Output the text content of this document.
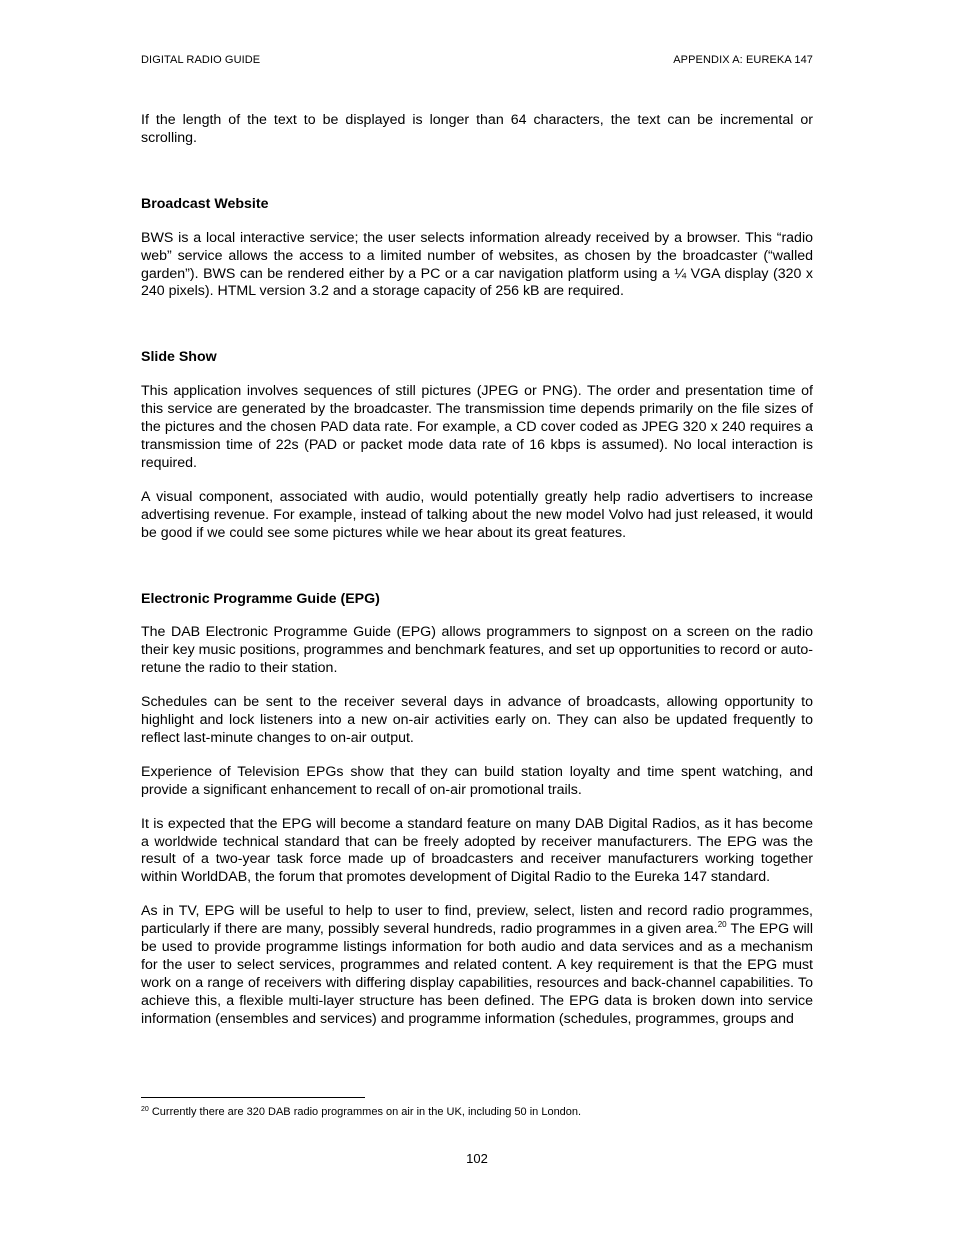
DIGITAL RADIO GUIDE	APPENDIX A: EUREKA 147

If the length of the text to be displayed is longer than 64 characters, the text can be incremental or scrolling.

Broadcast Website

BWS is a local interactive service; the user selects information already received by a browser. This “radio web” service allows the access to a limited number of websites, as chosen by the broadcaster (“walled garden”). BWS can be rendered either by a PC or a car navigation platform using a ¼ VGA display (320 x 240 pixels). HTML version 3.2 and a storage capacity of 256 kB are required.

Slide Show

This application involves sequences of still pictures (JPEG or PNG). The order and presentation time of this service are generated by the broadcaster. The transmission time depends primarily on the file sizes of the pictures and the chosen PAD data rate. For example, a CD cover coded as JPEG 320 x 240 requires a transmission time of 22s (PAD or packet mode data rate of 16 kbps is assumed). No local interaction is required.

A visual component, associated with audio, would potentially greatly help radio advertisers to increase advertising revenue. For example, instead of talking about the new model Volvo had just released, it would be good if we could see some pictures while we hear about its great features.

Electronic Programme Guide (EPG)

The DAB Electronic Programme Guide (EPG) allows programmers to signpost on a screen on the radio their key music positions, programmes and benchmark features, and set up opportunities to record or auto-retune the radio to their station.

Schedules can be sent to the receiver several days in advance of broadcasts, allowing opportunity to highlight and lock listeners into a new on-air activities early on. They can also be updated frequently to reflect last-minute changes to on-air output.

Experience of Television EPGs show that they can build station loyalty and time spent watching, and provide a significant enhancement to recall of on-air promotional trails.

It is expected that the EPG will become a standard feature on many DAB Digital Radios, as it has become a worldwide technical standard that can be freely adopted by receiver manufacturers. The EPG was the result of a two-year task force made up of broadcasters and receiver manufacturers working together within WorldDAB, the forum that promotes development of Digital Radio to the Eureka 147 standard.

As in TV, EPG will be useful to help to user to find, preview, select, listen and record radio programmes, particularly if there are many, possibly several hundreds, radio programmes in a given area.$^{20}$ The EPG will be used to provide programme listings information for both audio and data services and as a mechanism for the user to select services, programmes and related content. A key requirement is that the EPG must work on a range of receivers with differing display capabilities, resources and back-channel capabilities. To achieve this, a flexible multi-layer structure has been defined. The EPG data is broken down into service information (ensembles and services) and programme information (schedules, programmes, groups and

$^{20}$ Currently there are 320 DAB radio programmes on air in the UK, including 50 in London.
102
